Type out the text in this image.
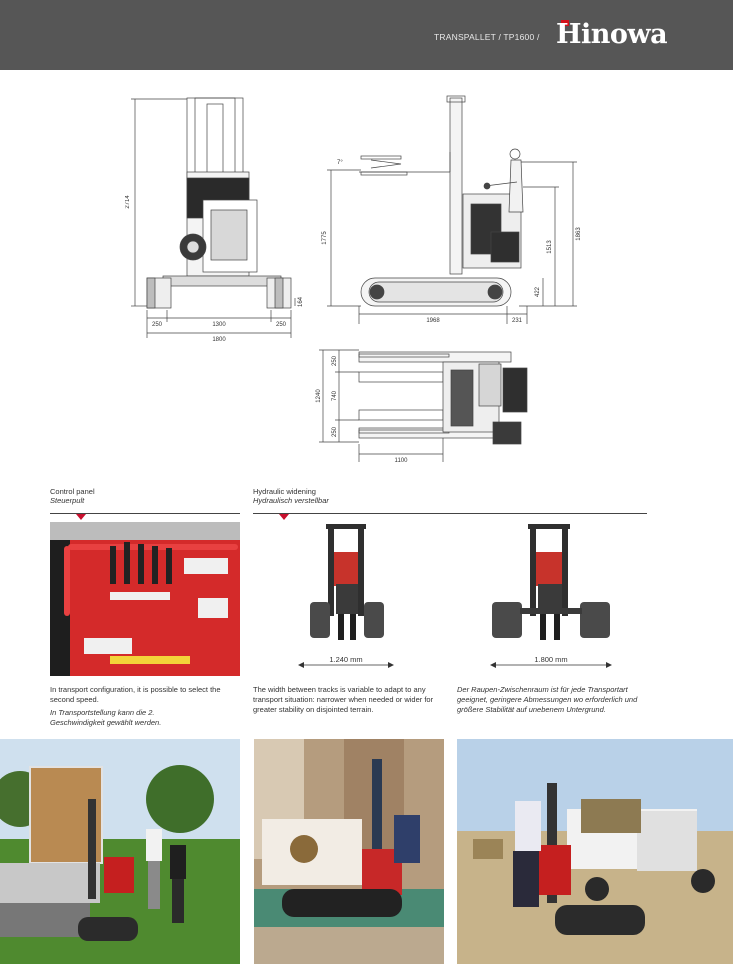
TRANSPALLET / TP1600 / Hinowa
2714
164
250	1300	250
1800
7°
1775
1513
1863
422
1968	231
1240
250
740
250
1100
Control panel
Steuerpult
In transport configuration, it is possible to select the second speed.
In Transportstellung kann die 2. Geschwindigkeit gewählt werden.
Hydraulic widening
Hydraulisch verstellbar
1.240 mm	1.800 mm
The width between tracks is variable to adapt to any transport situation: narrower when needed or wider for greater stability on disjointed terrain.
Der Raupen-Zwischenraum ist für jede Transportart geeignet, geringere Abmessungen wo erforderlich und größere Stabilität auf unebenem Untergrund.
